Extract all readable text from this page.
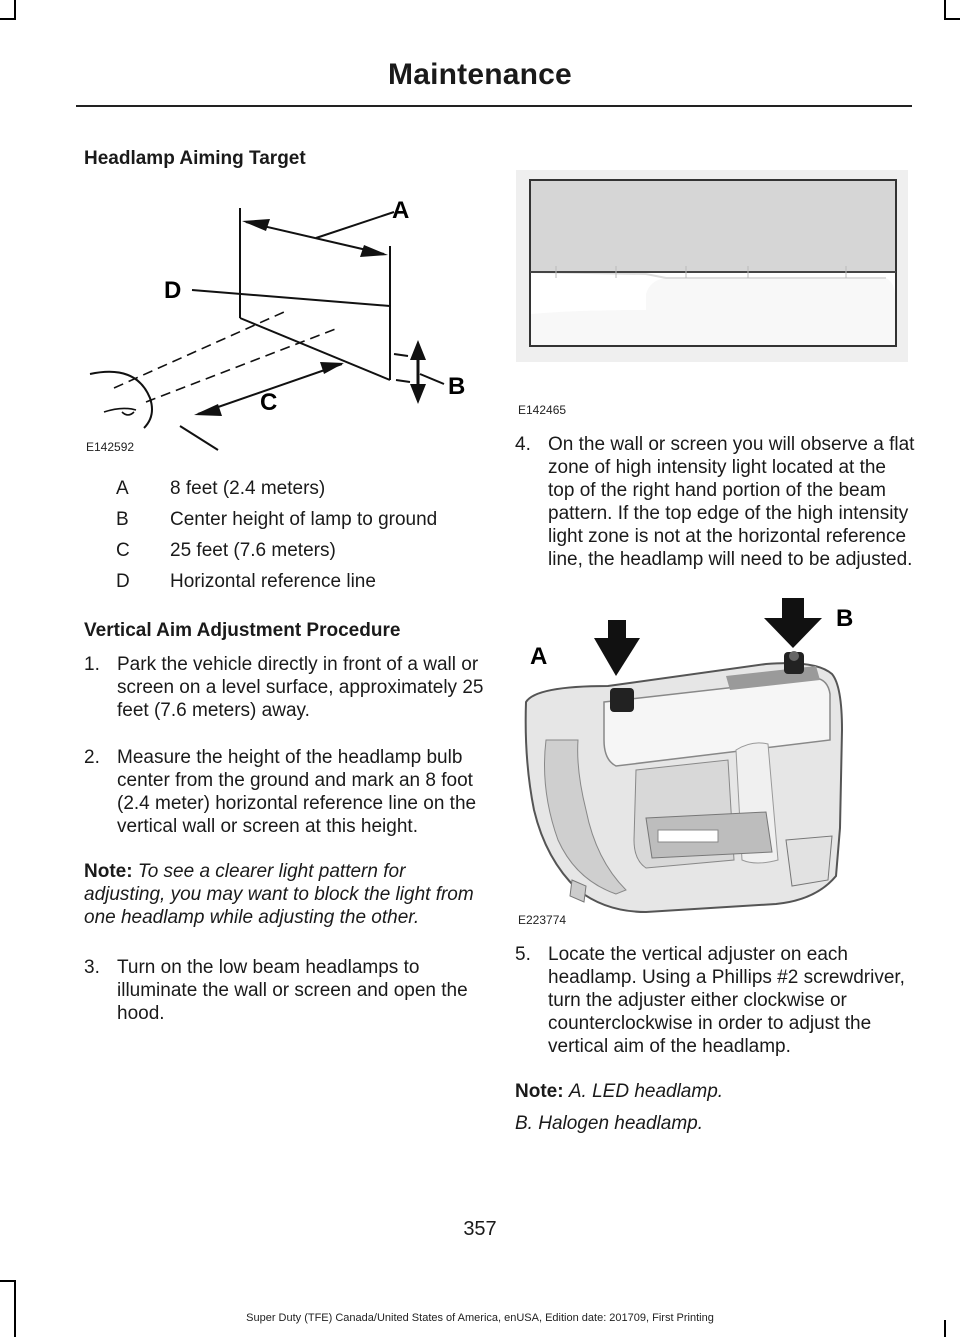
Maintenance
Headlamp Aiming Target
A
D
B
C
E142592
A 8 feet (2.4 meters)
B Center height of lamp to ground
C 25 feet (7.6 meters)
D Horizontal reference line
Vertical Aim Adjustment Procedure
1. Park the vehicle directly in front of a wall or screen on a level surface, approximately 25 feet (7.6 meters) away.
2. Measure the height of the headlamp bulb center from the ground and mark an 8 foot (2.4 meter) horizontal reference line on the vertical wall or screen at this height.
Note: To see a clearer light pattern for adjusting, you may want to block the light from one headlamp while adjusting the other.
3. Turn on the low beam headlamps to illuminate the wall or screen and open the hood.
E142465
4. On the wall or screen you will observe a flat zone of high intensity light located at the top of the right hand portion of the beam pattern. If the top edge of the high intensity light zone is not at the horizontal reference line, the headlamp will need to be adjusted.
A
B
E223774
5. Locate the vertical adjuster on each headlamp. Using a Phillips #2 screwdriver, turn the adjuster either clockwise or counterclockwise in order to adjust the vertical aim of the headlamp.
Note: A. LED headlamp.
B. Halogen headlamp.
357
Super Duty (TFE) Canada/United States of America, enUSA, Edition date: 201709, First Printing
